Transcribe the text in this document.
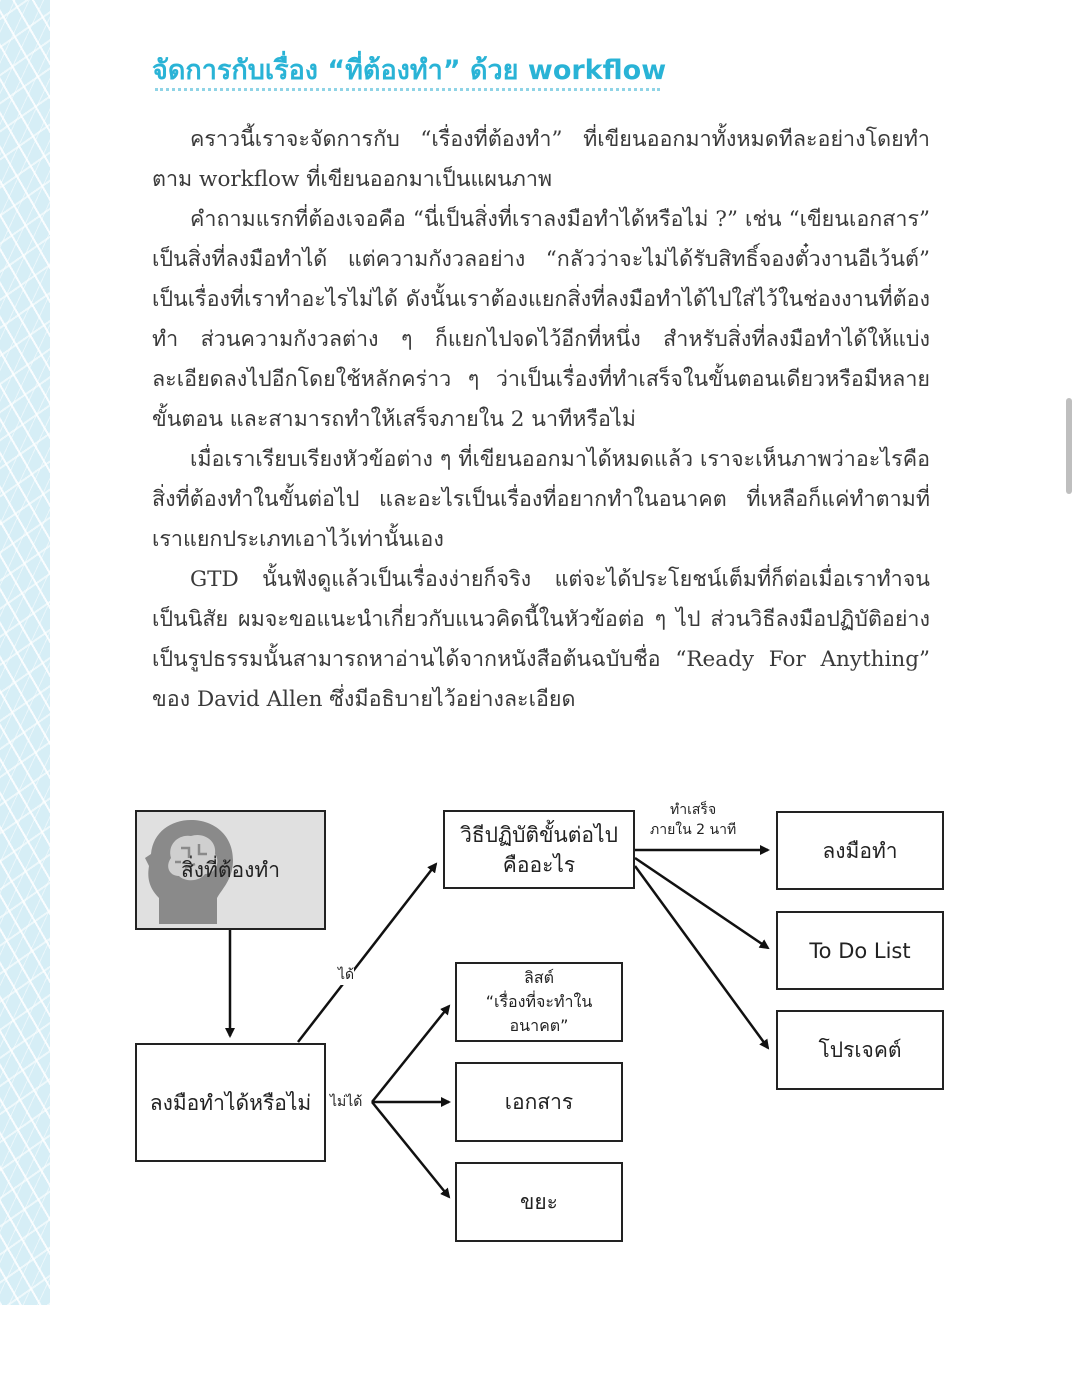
จัดการกับเรื่อง “ที่ต้องทำ” ด้วย workflow

คราวนี้เราจะจัดการกับ “เรื่องที่ต้องทำ” ที่เขียนออกมาทั้งหมดทีละอย่างโดยทำตาม workflow ที่เขียนออกมาเป็นแผนภาพ

คำถามแรกที่ต้องเจอคือ “นี่เป็นสิ่งที่เราลงมือทำได้หรือไม่ ?” เช่น “เขียนเอกสาร” เป็นสิ่งที่ลงมือทำได้ แต่ความกังวลอย่าง “กลัวว่าจะไม่ได้รับสิทธิ์จองตั๋วงานอีเว้นต์” เป็นเรื่องที่เราทำอะไรไม่ได้ ดังนั้นเราต้องแยกสิ่งที่ลงมือทำได้ไปใส่ไว้ในช่องงานที่ต้องทำ ส่วนความกังวลต่าง ๆ ก็แยกไปจดไว้อีกที่หนึ่ง สำหรับสิ่งที่ลงมือทำได้ให้แบ่งละเอียดลงไปอีกโดยใช้หลักคร่าว ๆ ว่าเป็นเรื่องที่ทำเสร็จในขั้นตอนเดียวหรือมีหลายขั้นตอน และสามารถทำให้เสร็จภายใน 2 นาทีหรือไม่

เมื่อเราเรียบเรียงหัวข้อต่าง ๆ ที่เขียนออกมาได้หมดแล้ว เราจะเห็นภาพว่าอะไรคือสิ่งที่ต้องทำในขั้นต่อไป และอะไรเป็นเรื่องที่อยากทำในอนาคต ที่เหลือก็แค่ทำตามที่เราแยกประเภทเอาไว้เท่านั้นเอง

GTD นั้นฟังดูแล้วเป็นเรื่องง่ายก็จริง แต่จะได้ประโยชน์เต็มที่ก็ต่อเมื่อเราทำจนเป็นนิสัย ผมจะขอแนะนำเกี่ยวกับแนวคิดนี้ในหัวข้อต่อ ๆ ไป ส่วนวิธีลงมือปฏิบัติอย่างเป็นรูปธรรมนั้นสามารถหาอ่านได้จากหนังสือต้นฉบับชื่อ “Ready For Anything” ของ David Allen ซึ่งมีอธิบายไว้อย่างละเอียด

สิ่งที่ต้องทำ
ลงมือทำได้หรือไม่
วิธีปฏิบัติขั้นต่อไปคืออะไร
ลงมือทำ
To Do List
โปรเจคต์
ลิสต์
“เรื่องที่จะทำในอนาคต”
เอกสาร
ขยะ
ได้
ไม่ได้
ทำเสร็จ
ภายใน 2 นาที
